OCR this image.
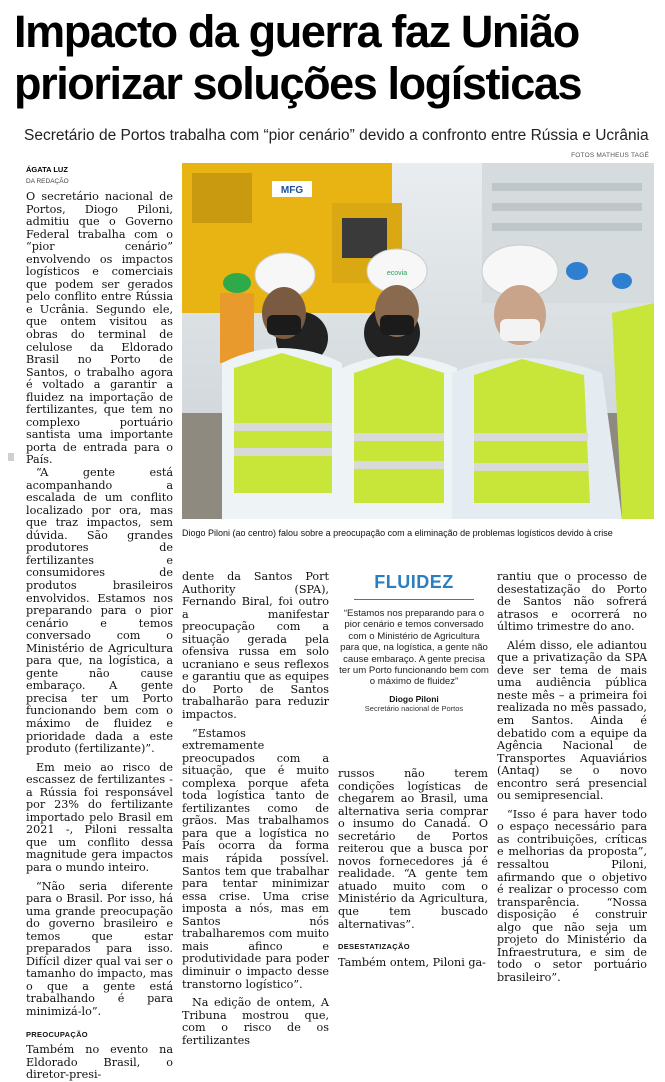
Impacto da guerra faz União priorizar soluções logísticas
Secretário de Portos trabalha com “pior cenário” devido a confronto entre Rússia e Ucrânia
FOTOS MATHEUS TAGÉ
ÁGATA LUZ
DA REDAÇÃO

O secretário nacional de Portos, Diogo Piloni, admitiu que o Governo Federal trabalha com o “pior cenário” envolvendo os impactos logísticos e comerciais que podem ser gerados pelo conflito entre Rússia e Ucrânia. Segundo ele, que ontem visitou as obras do terminal de celulose da Eldorado Brasil no Porto de Santos, o trabalho agora é voltado a garantir a fluidez na importação de fertilizantes, que tem no complexo portuário santista uma importante porta de entrada para o País.

“A gente está acompanhando a escalada de um conflito localizado por ora, mas que traz impactos, sem dúvida. São grandes produtores de fertilizantes e consumidores de produtos brasileiros envolvidos. Estamos nos preparando para o pior cenário e temos conversado com o Ministério de Agricultura para que, na logística, a gente não cause embaraço. A gente precisa ter um Porto funcionando bem com o máximo de fluidez e prioridade dada a este produto (fertilizante)”.

Em meio ao risco de escassez de fertilizantes - a Rússia foi responsável por 23% do fertilizante importado pelo Brasil em 2021 -, Piloni ressalta que um conflito dessa magnitude gera impactos para o mundo inteiro.

“Não seria diferente para o Brasil. Por isso, há uma grande preocupação do governo brasileiro e temos que estar preparados para isso. Difícil dizer qual vai ser o tamanho do impacto, mas o que a gente está trabalhando é para minimizá-lo”.

PREOCUPAÇÃO

Também no evento na Eldorado Brasil, o diretor-presi-

MFG
ecovia
Diogo Piloni (ao centro) falou sobre a preocupação com a eliminação de problemas logísticos devido à crise

dente da Santos Port Authority (SPA), Fernando Biral, foi outro a manifestar preocupação com a situação gerada pela ofensiva russa em solo ucraniano e seus reflexos e garantiu que as equipes do Porto de Santos trabalharão para reduzir impactos.

“Estamos extremamente preocupados com a situação, que é muito complexa porque afeta toda logística tanto de fertilizantes como de grãos. Mas trabalhamos para que a logística no País ocorra da forma mais rápida possível. Santos tem que trabalhar para tentar minimizar essa crise. Uma crise imposta a nós, mas em Santos nós trabalharemos com muito mais afinco e produtividade para poder diminuir o impacto desse transtorno logístico”.

Na edição de ontem, A Tribuna mostrou que, com o risco de os fertilizantes

FLUIDEZ
“Estamos nos preparando para o pior cenário e temos conversado com o Ministério de Agricultura para que, na logística, a gente não cause embaraço. A gente precisa ter um Porto funcionando bem com o máximo de fluidez”
Diogo Piloni
Secretário nacional de Portos

russos não terem condições logísticas de chegarem ao Brasil, uma alternativa seria comprar o insumo do Canadá. O secretário de Portos reiterou que a busca por novos fornecedores já é realidade. “A gente tem atuado muito com o Ministério da Agricultura, que tem buscado alternativas”.

DESESTATIZAÇÃO

Também ontem, Piloni ga-

rantiu que o processo de desestatização do Porto de Santos não sofrerá atrasos e ocorrerá no último trimestre do ano.

Além disso, ele adiantou que a privatização da SPA deve ser tema de mais uma audiência pública neste mês – a primeira foi realizada no mês passado, em Santos. Ainda é debatido com a equipe da Agência Nacional de Transportes Aquaviários (Antaq) se o novo encontro será presencial ou semipresencial.

“Isso é para haver todo o espaço necessário para as contribuições, críticas e melhorias da proposta”, ressaltou Piloni, afirmando que o objetivo é realizar o processo com transparência. “Nossa disposição é construir algo que não seja um projeto do Ministério da Infraestrutura, e sim de todo o setor portuário brasileiro”.
